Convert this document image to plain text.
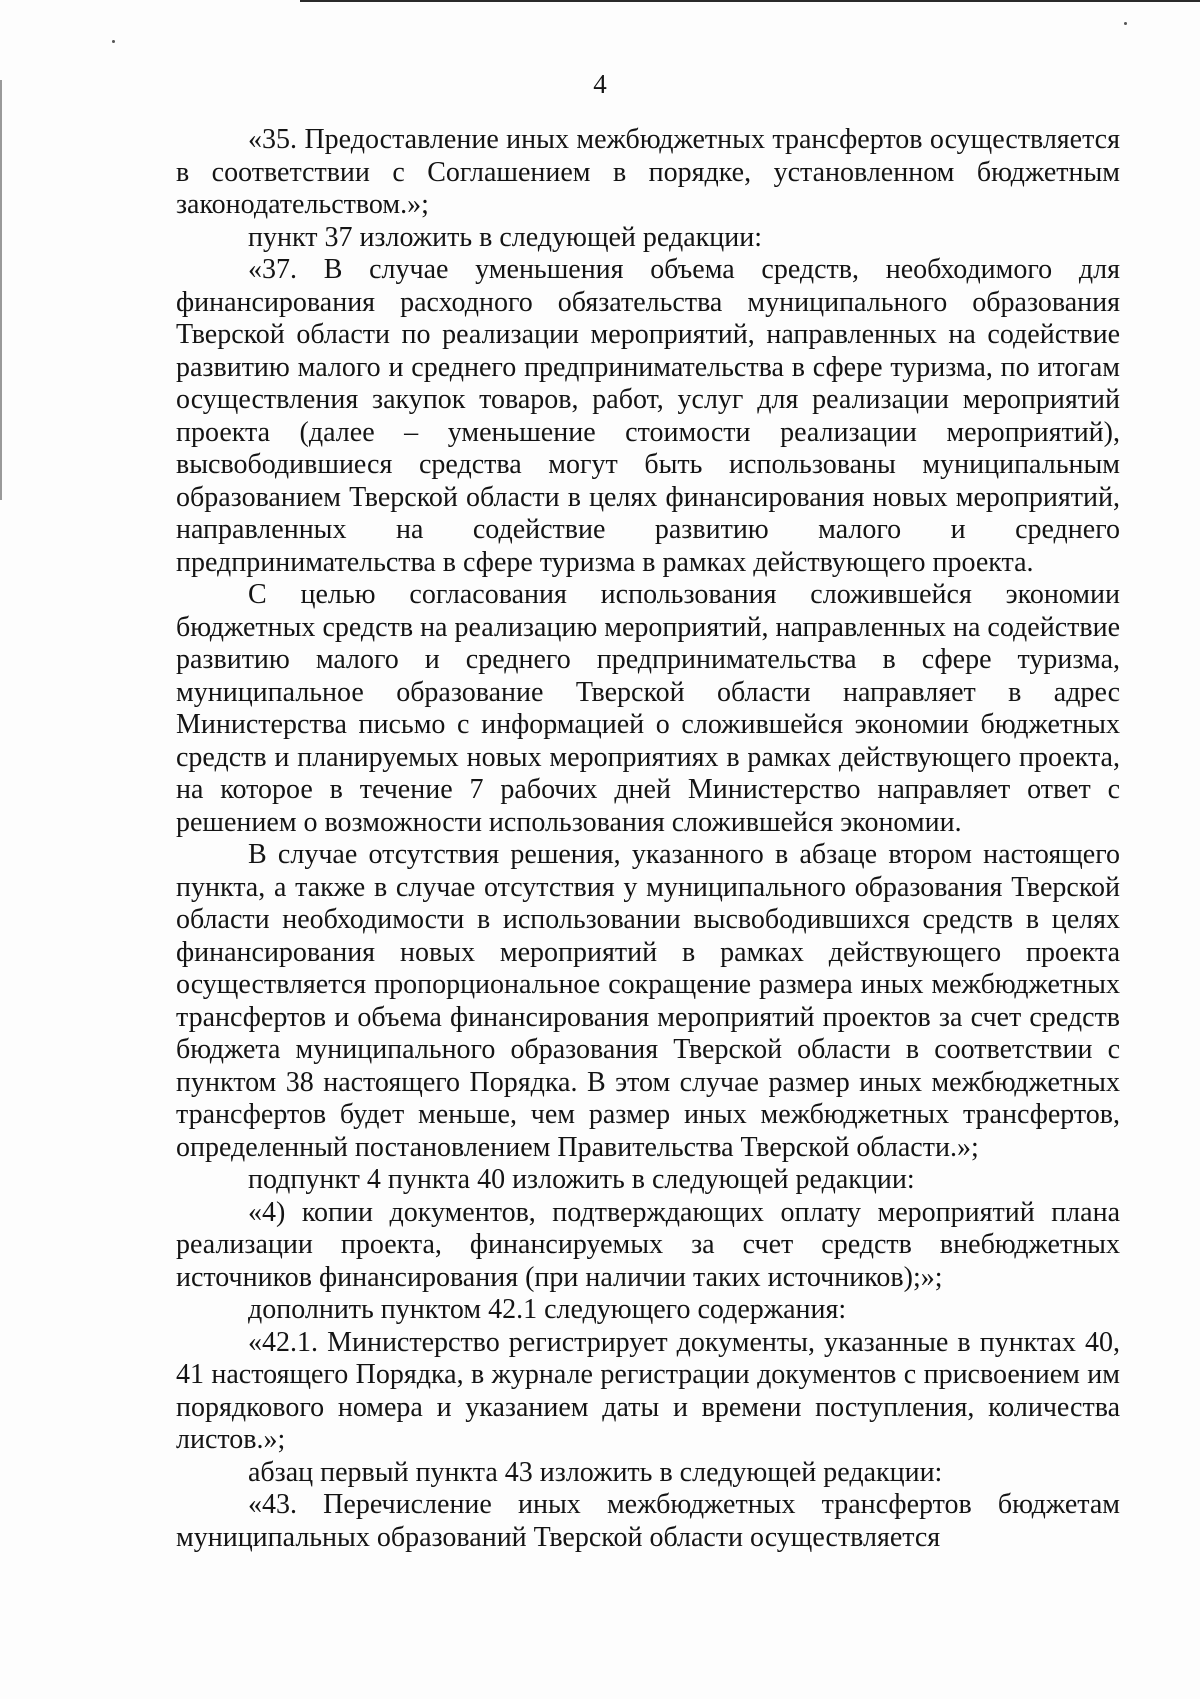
4

«35. Предоставление иных межбюджетных трансфертов осуществляется в соответствии с Соглашением в порядке, установленном бюджетным законодательством.»;

пункт 37 изложить в следующей редакции:

«37. В случае уменьшения объема средств, необходимого для финансирования расходного обязательства муниципального образования Тверской области по реализации мероприятий, направленных на содействие развитию малого и среднего предпринимательства в сфере туризма, по итогам осуществления закупок товаров, работ, услуг для реализации мероприятий проекта (далее – уменьшение стоимости реализации мероприятий), высвободившиеся средства могут быть использованы муниципальным образованием Тверской области в целях финансирования новых мероприятий, направленных на содействие развитию малого и среднего предпринимательства в сфере туризма в рамках действующего проекта.

С целью согласования использования сложившейся экономии бюджетных средств на реализацию мероприятий, направленных на содействие развитию малого и среднего предпринимательства в сфере туризма, муниципальное образование Тверской области направляет в адрес Министерства письмо с информацией о сложившейся экономии бюджетных средств и планируемых новых мероприятиях в рамках действующего проекта, на которое в течение 7 рабочих дней Министерство направляет ответ с решением о возможности использования сложившейся экономии.

В случае отсутствия решения, указанного в абзаце втором настоящего пункта, а также в случае отсутствия у муниципального образования Тверской области необходимости в использовании высвободившихся средств в целях финансирования новых мероприятий в рамках действующего проекта осуществляется пропорциональное сокращение размера иных межбюджетных трансфертов и объема финансирования мероприятий проектов за счет средств бюджета муниципального образования Тверской области в соответствии с пунктом 38 настоящего Порядка. В этом случае размер иных межбюджетных трансфертов будет меньше, чем размер иных межбюджетных трансфертов, определенный постановлением Правительства Тверской области.»;

подпункт 4 пункта 40 изложить в следующей редакции:

«4) копии документов, подтверждающих оплату мероприятий плана реализации проекта, финансируемых за счет средств внебюджетных источников финансирования (при наличии таких источников);»;

дополнить пунктом 42.1 следующего содержания:

«42.1. Министерство регистрирует документы, указанные в пунктах 40, 41 настоящего Порядка, в журнале регистрации документов с присвоением им порядкового номера и указанием даты и времени поступления, количества листов.»;

абзац первый пункта 43 изложить в следующей редакции:

«43. Перечисление иных межбюджетных трансфертов бюджетам муниципальных образований Тверской области осуществляется
